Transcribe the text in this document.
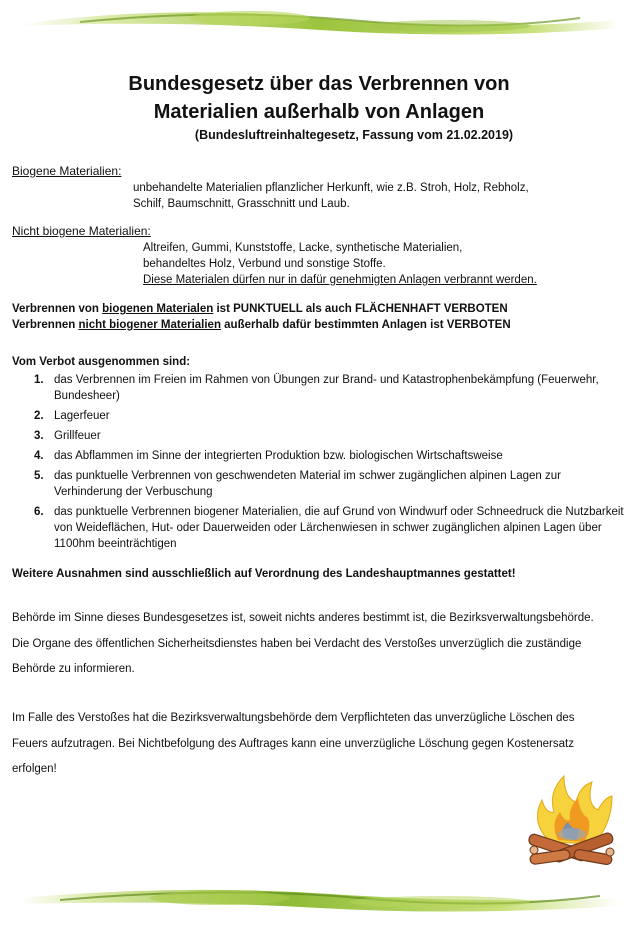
Bundesgesetz über das Verbrennen von
Materialien außerhalb von Anlagen
(Bundesluftreinhaltegesetz, Fassung vom 21.02.2019)
Biogene Materialien:
unbehandelte Materialien pflanzlicher Herkunft, wie z.B. Stroh, Holz, Rebholz,
Schilf, Baumschnitt, Grasschnitt und Laub.
Nicht biogene Materialien:
Altreifen, Gummi, Kunststoffe, Lacke, synthetische Materialien,
behandeltes Holz, Verbund und sonstige Stoffe.
Diese Materialen dürfen nur in dafür genehmigten Anlagen verbrannt werden.
Verbrennen von biogenen Materialen ist PUNKTUELL als auch FLÄCHENHAFT VERBOTEN
Verbrennen nicht biogener Materialien außerhalb dafür bestimmten Anlagen ist VERBOTEN
Vom Verbot ausgenommen sind:
1. das Verbrennen im Freien im Rahmen von Übungen zur Brand- und Katastrophenbekämpfung (Feuerwehr, Bundesheer)
2. Lagerfeuer
3. Grillfeuer
4. das Abflammen im Sinne der integrierten Produktion bzw. biologischen Wirtschaftsweise
5. das punktuelle Verbrennen von geschwendeten Material im schwer zugänglichen alpinen Lagen zur Verhinderung der Verbuschung
6. das punktuelle Verbrennen biogener Materialien, die auf Grund von Windwurf oder Schneedruck die Nutzbarkeit von Weideflächen, Hut- oder Dauerweiden oder Lärchenwiesen in schwer zugänglichen alpinen Lagen über 1100hm beeinträchtigen
Weitere Ausnahmen sind ausschließlich auf Verordnung des Landeshauptmannes gestattet!
Behörde im Sinne dieses Bundesgesetzes ist, soweit nichts anderes bestimmt ist, die Bezirksverwaltungsbehörde. Die Organe des öffentlichen Sicherheitsdienstes haben bei Verdacht des Verstoßes unverzüglich die zuständige Behörde zu informieren.
Im Falle des Verstoßes hat die Bezirksverwaltungsbehörde dem Verpflichteten das unverzügliche Löschen des Feuers aufzutragen. Bei Nichtbefolgung des Auftrages kann eine unverzügliche Löschung gegen Kostenersatz erfolgen!
